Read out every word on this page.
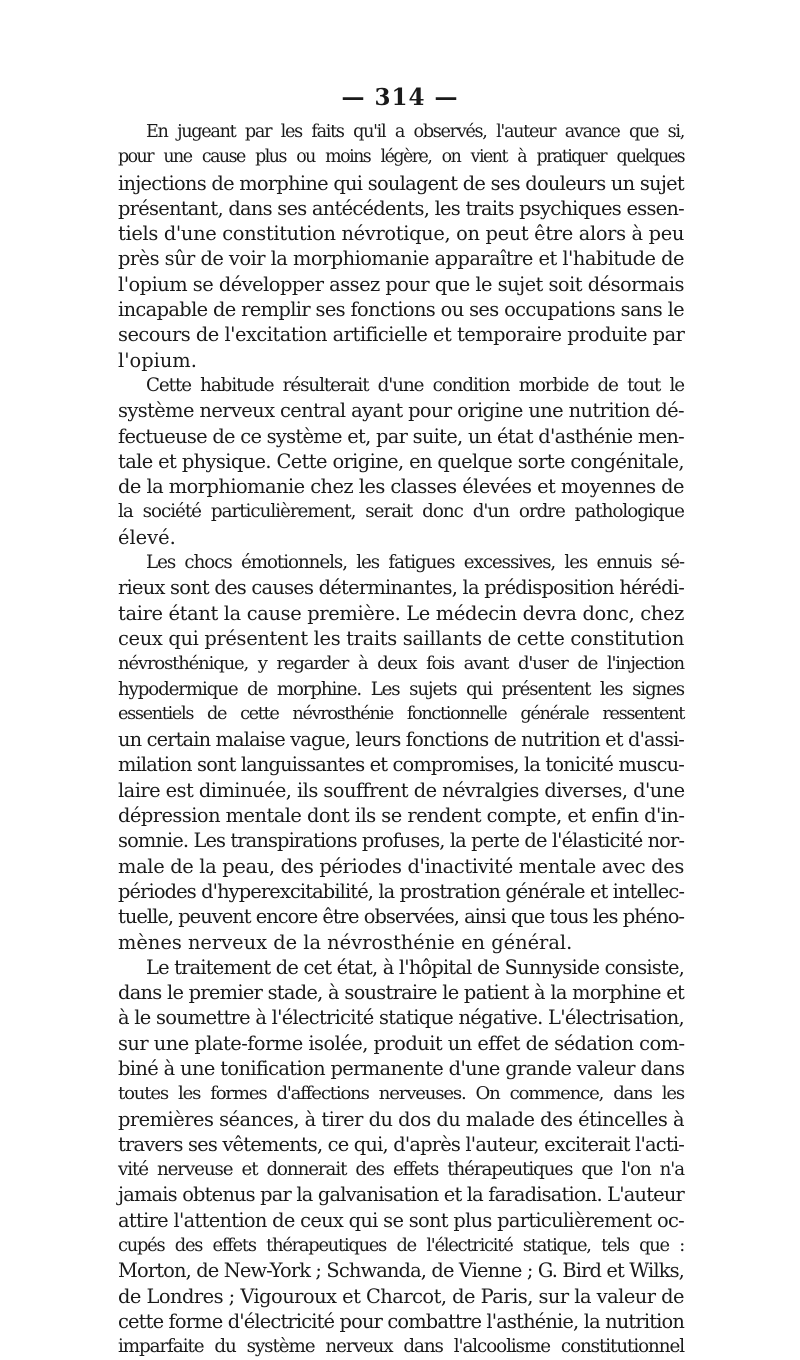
— 314 —
En jugeant par les faits qu'il a observés, l'auteur avance que si,
pour une cause plus ou moins légère, on vient à pratiquer quelques
injections de morphine qui soulagent de ses douleurs un sujet
présentant, dans ses antécédents, les traits psychiques essen-
tiels d'une constitution névrotique, on peut être alors à peu
près sûr de voir la morphiomanie apparaître et l'habitude de
l'opium se développer assez pour que le sujet soit désormais
incapable de remplir ses fonctions ou ses occupations sans le
secours de l'excitation artificielle et temporaire produite par
l'opium.
Cette habitude résulterait d'une condition morbide de tout le
système nerveux central ayant pour origine une nutrition dé-
fectueuse de ce système et, par suite, un état d'asthénie men-
tale et physique. Cette origine, en quelque sorte congénitale,
de la morphiomanie chez les classes élevées et moyennes de
la société particulièrement, serait donc d'un ordre pathologique
élevé.
Les chocs émotionnels, les fatigues excessives, les ennuis sé-
rieux sont des causes déterminantes, la prédisposition hérédi-
taire étant la cause première. Le médecin devra donc, chez
ceux qui présentent les traits saillants de cette constitution
névrosthénique, y regarder à deux fois avant d'user de l'injection
hypodermique de morphine. Les sujets qui présentent les signes
essentiels de cette névrosthénie fonctionnelle générale ressentent
un certain malaise vague, leurs fonctions de nutrition et d'assi-
milation sont languissantes et compromises, la tonicité muscu-
laire est diminuée, ils souffrent de névralgies diverses, d'une
dépression mentale dont ils se rendent compte, et enfin d'in-
somnie. Les transpirations profuses, la perte de l'élasticité nor-
male de la peau, des périodes d'inactivité mentale avec des
périodes d'hyperexcitabilité, la prostration générale et intellec-
tuelle, peuvent encore être observées, ainsi que tous les phéno-
mènes nerveux de la névrosthénie en général.
Le traitement de cet état, à l'hôpital de Sunnyside consiste,
dans le premier stade, à soustraire le patient à la morphine et
à le soumettre à l'électricité statique négative. L'électrisation,
sur une plate-forme isolée, produit un effet de sédation com-
biné à une tonification permanente d'une grande valeur dans
toutes les formes d'affections nerveuses. On commence, dans les
premières séances, à tirer du dos du malade des étincelles à
travers ses vêtements, ce qui, d'après l'auteur, exciterait l'acti-
vité nerveuse et donnerait des effets thérapeutiques que l'on n'a
jamais obtenus par la galvanisation et la faradisation. L'auteur
attire l'attention de ceux qui se sont plus particulièrement oc-
cupés des effets thérapeutiques de l'électricité statique, tels que :
Morton, de New-York ; Schwanda, de Vienne ; G. Bird et Wilks,
de Londres ; Vigouroux et Charcot, de Paris, sur la valeur de
cette forme d'électricité pour combattre l'asthénie, la nutrition
imparfaite du système nerveux dans l'alcoolisme constitutionnel
